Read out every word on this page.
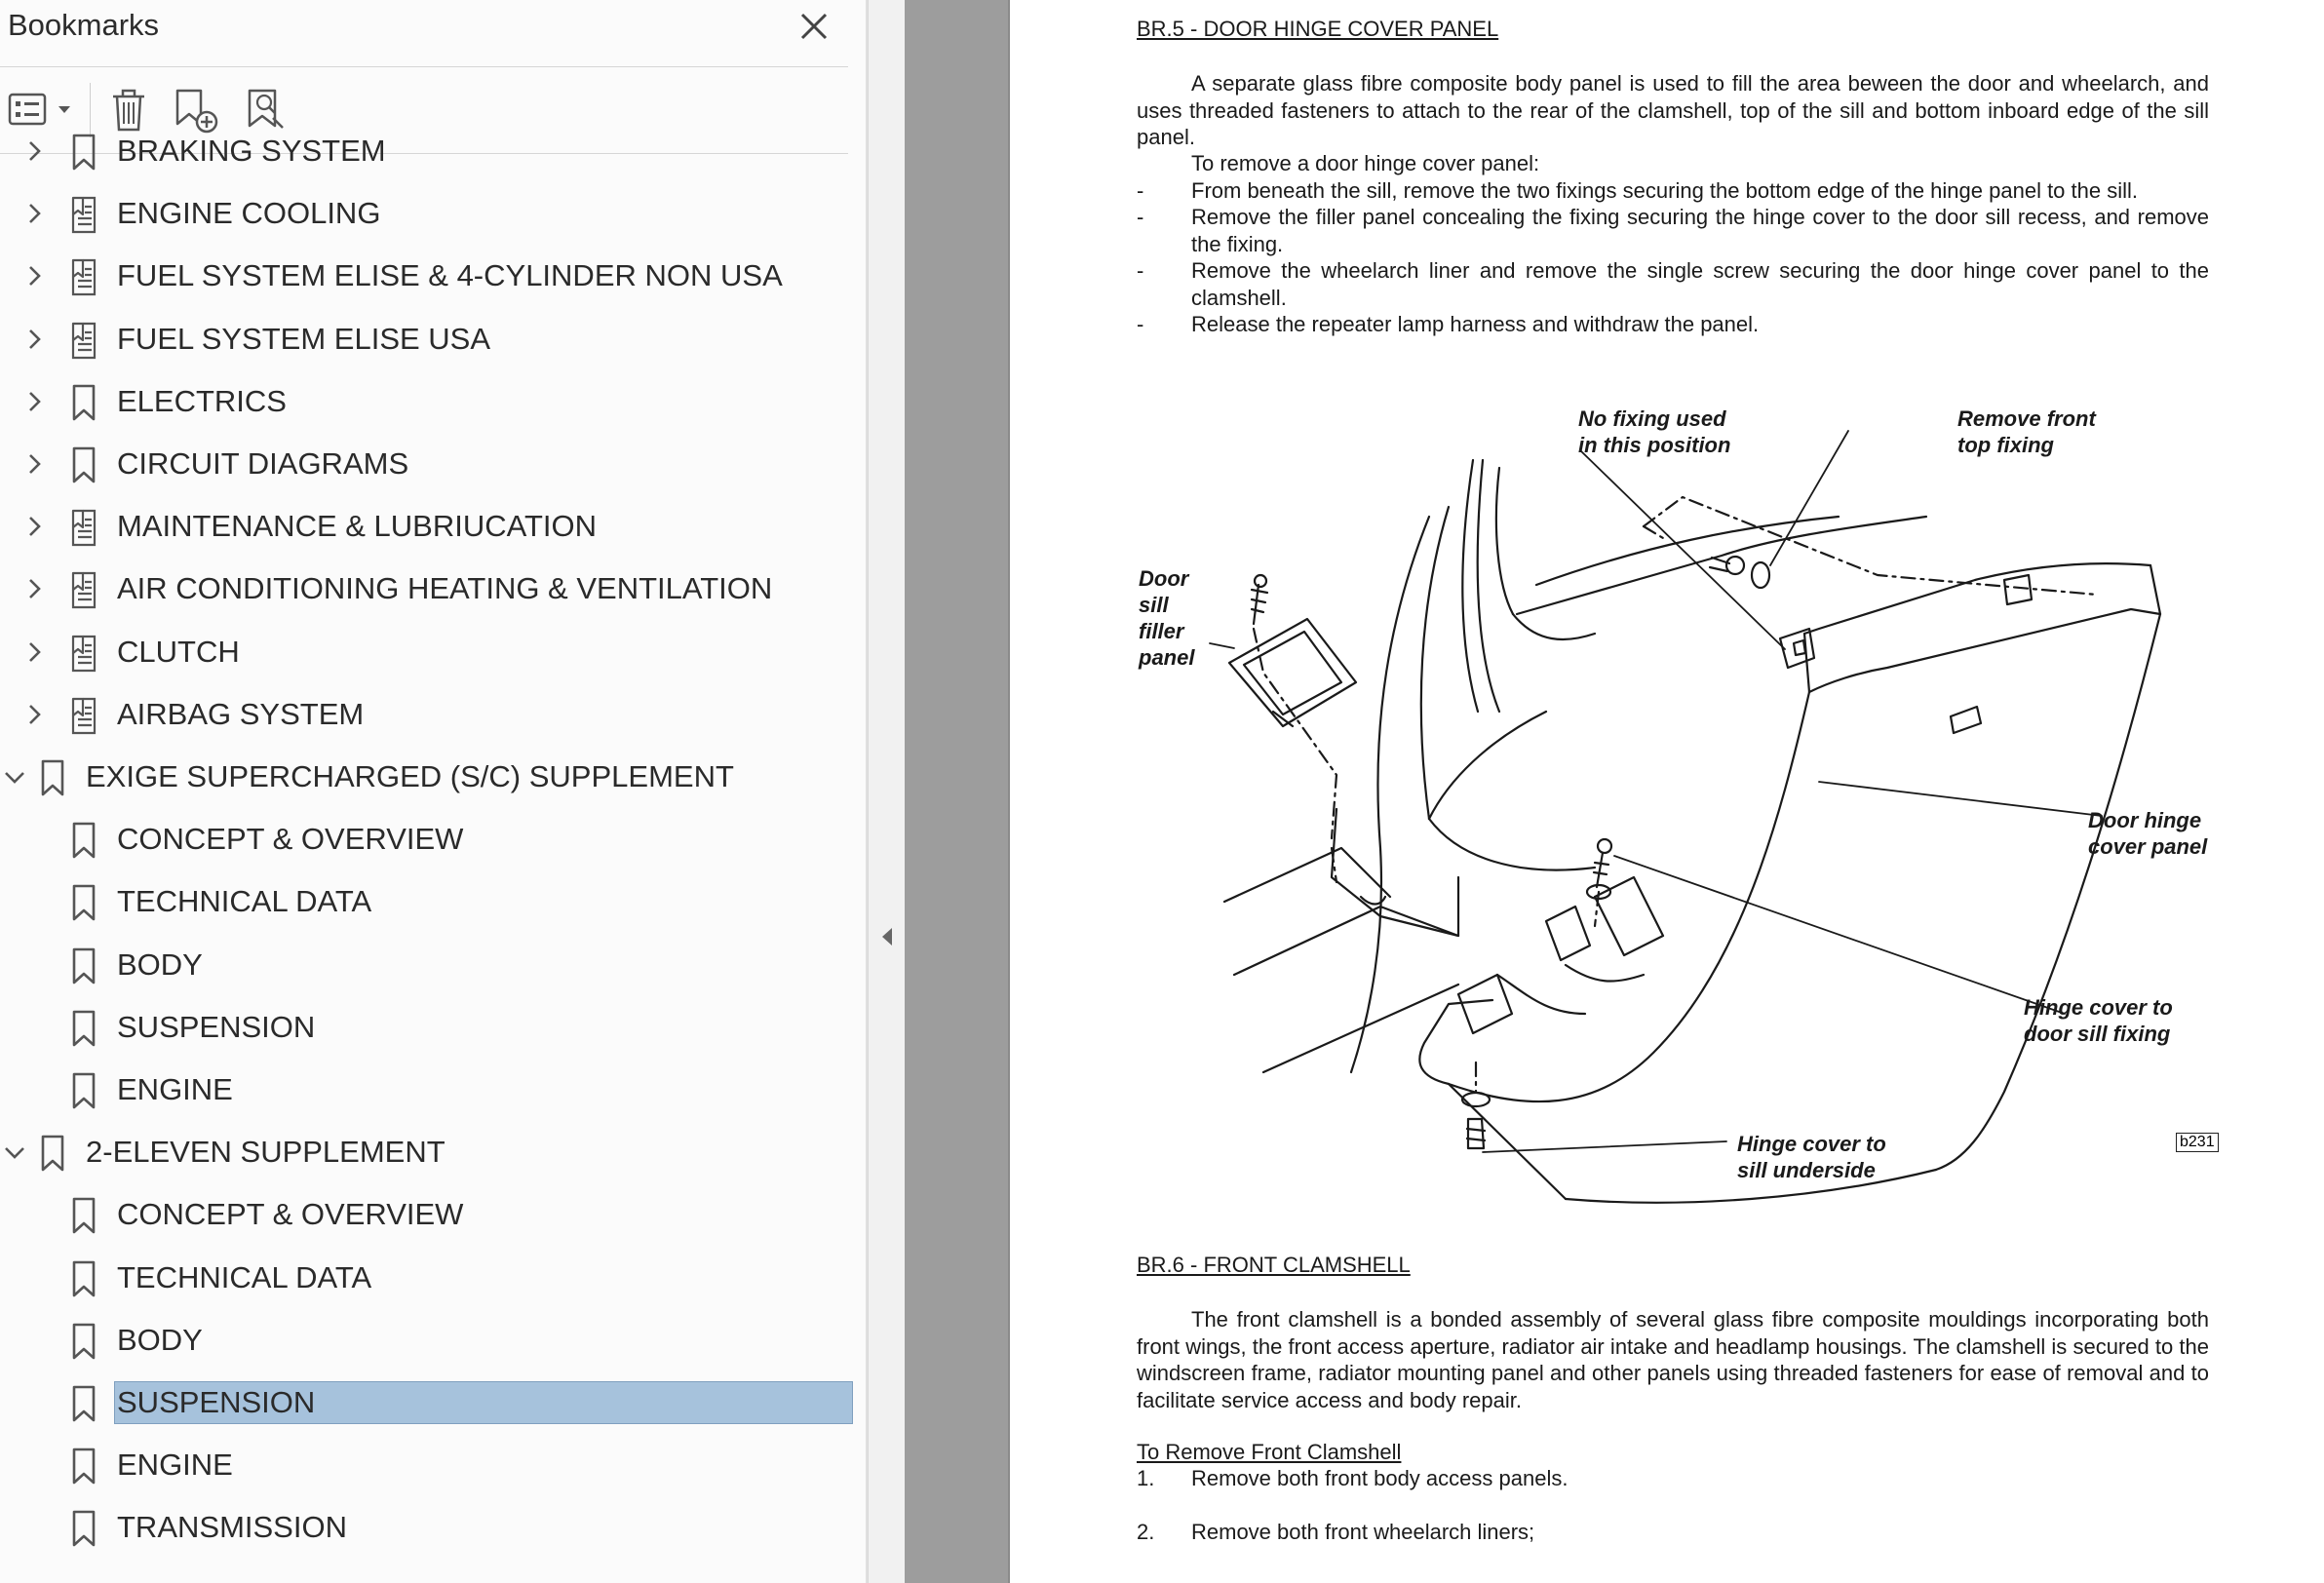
Bookmarks
BRAKING SYSTEM
ENGINE COOLING
FUEL SYSTEM ELISE & 4-CYLINDER NON USA
FUEL SYSTEM ELISE USA
ELECTRICS
CIRCUIT DIAGRAMS
MAINTENANCE & LUBRIUCATION
AIR CONDITIONING HEATING & VENTILATION
CLUTCH
AIRBAG SYSTEM
EXIGE SUPERCHARGED (S/C) SUPPLEMENT
CONCEPT & OVERVIEW
TECHNICAL DATA
BODY
SUSPENSION
ENGINE
2-ELEVEN SUPPLEMENT
CONCEPT & OVERVIEW
TECHNICAL DATA
BODY
SUSPENSION
ENGINE
TRANSMISSION
BR.5 - DOOR HINGE COVER PANEL
A separate glass fibre composite body panel is used to fill the area beween the door and wheelarch, and uses threaded fasteners to attach to the rear of the clamshell, top of the sill and bottom inboard edge of the sill panel.
To remove a door hinge cover panel:
- From beneath the sill, remove the two fixings securing the bottom edge of the hinge panel to the sill.
- Remove the filler panel concealing the fixing securing the hinge cover to the door sill recess, and remove the fixing.
- Remove the wheelarch liner and remove the single screw securing the door hinge cover panel to the clamshell.
- Release the repeater lamp harness and withdraw the panel.
No fixing used
in this position
Remove front
top fixing
Door
sill
filler
panel
Door hinge
cover panel
Hinge cover to
door sill fixing
Hinge cover to
sill underside
b231
BR.6 - FRONT CLAMSHELL
The front clamshell is a bonded assembly of several glass fibre composite mouldings incorporating both front wings, the front access aperture, radiator air intake and headlamp housings. The clamshell is secured to the windscreen frame, radiator mounting panel and other panels using threaded fasteners for ease of removal and to facilitate service access and body repair.
To Remove Front Clamshell
1. Remove both front body access panels.
2. Remove both front wheelarch liners;
